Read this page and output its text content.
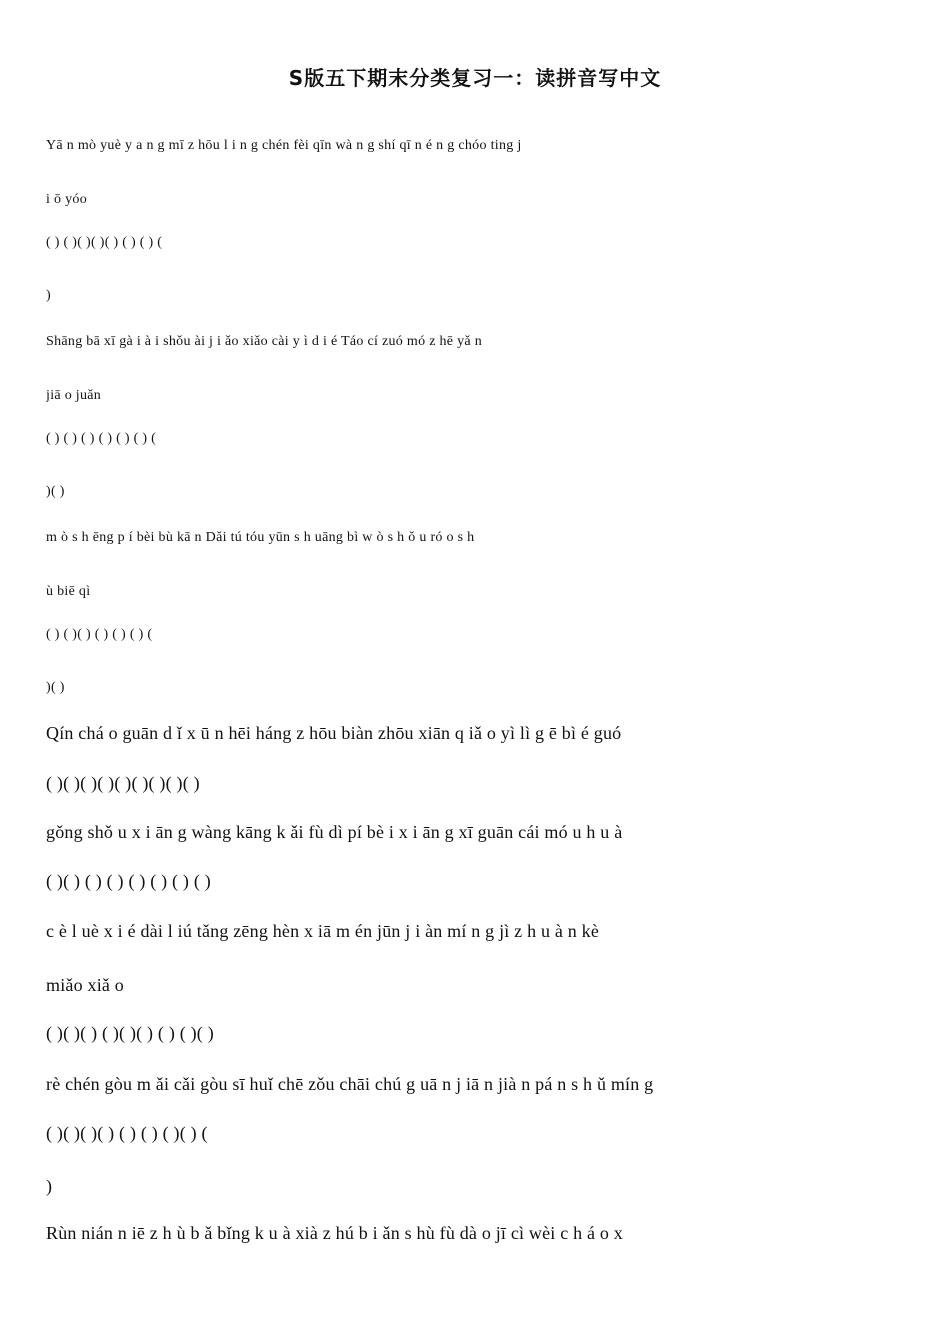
S版五下期末分类复习一：读拼音写中文
Yā n mò yuè y a n g mī z hōu l i n g chén fèi qīn wà n g shí qī n é n g chóo ting j
i ō yóo
( ) ( )( )( )( ) ( ) ( ) (
)
Shāng bā xī gà i à i shǒu ài j i ǎo xiǎo cài y ì d i é Táo cí zuó mó z hē yǎ n
jiā o juǎn
( ) ( ) ( ) ( ) ( ) ( ) (
)( )
m ò s h ēng p í bèi bù kā n Dǎi tú tóu yūn s h uāng bì w ò s h ǒ u ró o s h
ù biē qì
( ) ( )( ) ( ) ( ) ( ) (
)( )
Qín chá o guān d ǐ x ū n hēi háng z hōu biàn zhōu xiān q iǎ o yì lì g ē bì é guó
( )( )( )( )( )( )( )( )( )
gǒng shǒ u x i ān g wàng kāng k ǎi fù dì pí bè i x i ān g xī guān cái mó u h u à
( )( ) ( ) ( ) ( ) ( ) ( ) ( )
c è l uè x i é dài l iú tǎng zēng hèn x iā m én jūn j i àn mí n g jì z h u à n kè
miǎo xiǎ o
( )( )( ) ( )( )( ) ( ) ( )( )
rè chén gòu m ǎi cǎi gòu sī huǐ chē zǒu chāi chú g uā n j iā n jià n pá n s h ǔ mín g
( )( )( )( ) ( ) ( ) ( )( ) (
)
Rùn nián n iē z h ù b ǎ bǐng k u à xià z hú b i ǎn s hù fù dà o jī cì wèi c h á o x
